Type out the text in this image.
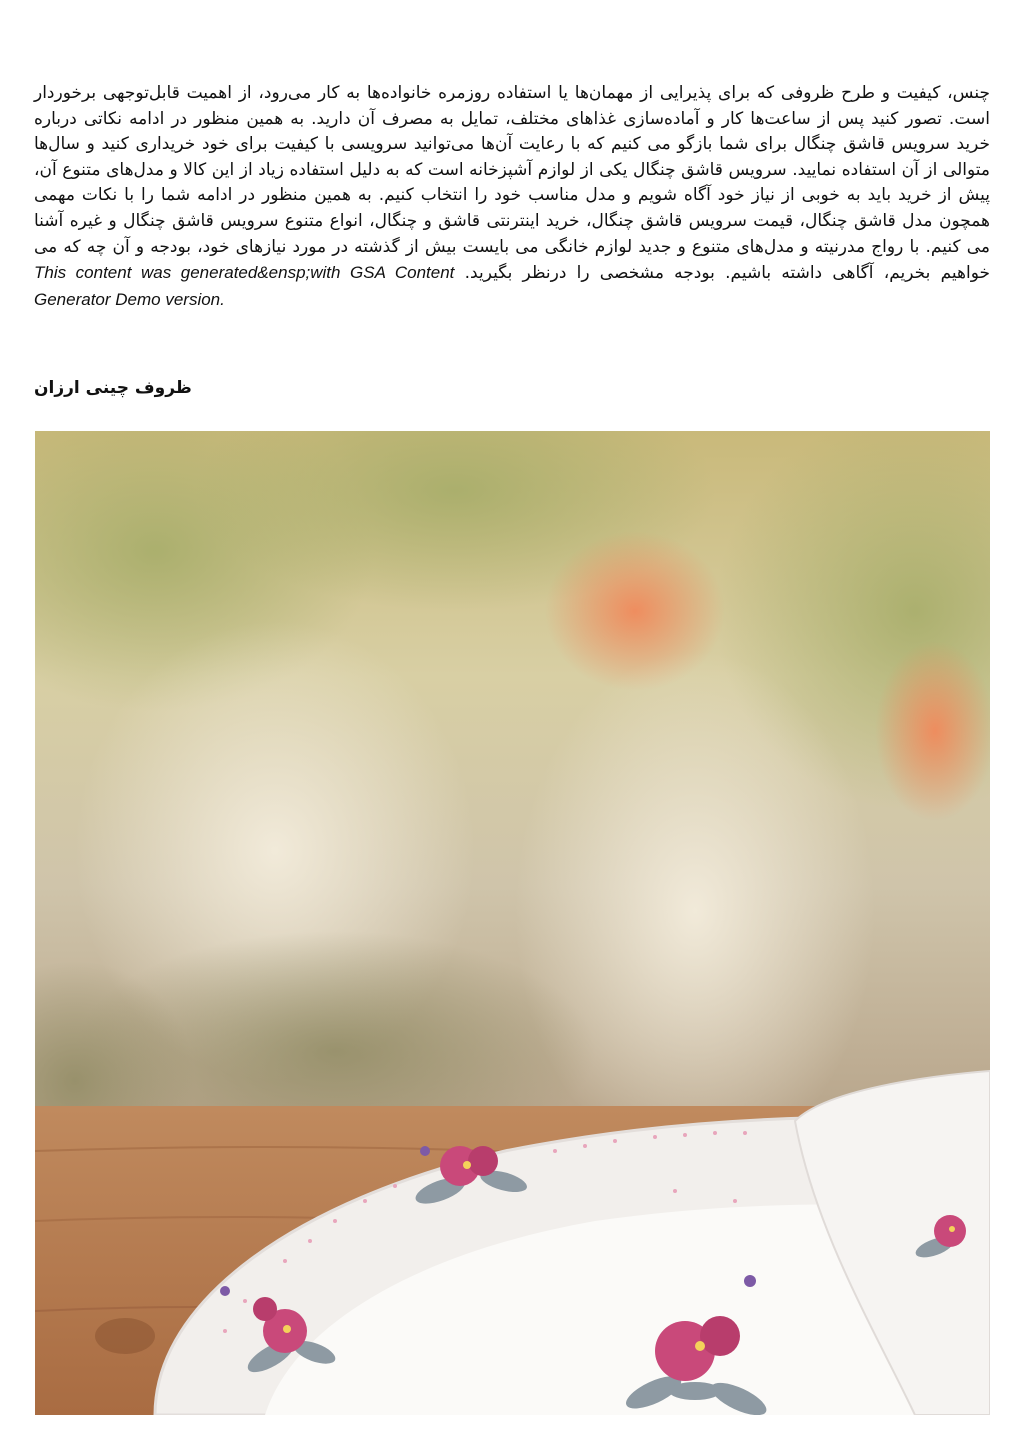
چنس، کیفیت و طرح ظروفی که برای پذیرایی از مهمان‌ها یا استفاده روزمره خانواده‌ها به کار می‌رود، از اهمیت قابل‌توجهی برخوردار است. تصور کنید پس از ساعت‌ها کار و آماده‌سازی غذاهای مختلف، تمایل به مصرف آن دارید. به همین منظور در ادامه نکاتی درباره خرید سرویس قاشق چنگال برای شما بازگو می کنیم که با رعایت آن‌ها می‌توانید سرویسی با کیفیت برای خود خریداری کنید و سال‌ها متوالی از آن استفاده نمایید. سرویس قاشق چنگال یکی از لوازم آشپزخانه است که به دلیل استفاده زیاد از این کالا و مدل‌های متنوع آن، پیش از خرید باید به خوبی از نیاز خود آگاه شویم و مدل مناسب خود را انتخاب کنیم. به همین منظور در ادامه شما را با نکات مهمی همچون مدل قاشق چنگال، قیمت سرویس قاشق چنگال، خرید اینترنتی قاشق و چنگال، انواع متنوع سرویس قاشق چنگال و غیره آشنا می کنیم. با رواج مدرنیته و مدل‌های متنوع و جدید لوازم خانگی می بایست بیش از گذشته در مورد نیازهای خود، بودجه و آن چه که می خواهیم بخریم، آگاهی داشته باشیم. بودجه مشخصی را درنظر بگیرید. This content was generated&ensp;with GSA Content Generator Demo version.

ظروف چینی ارزان
